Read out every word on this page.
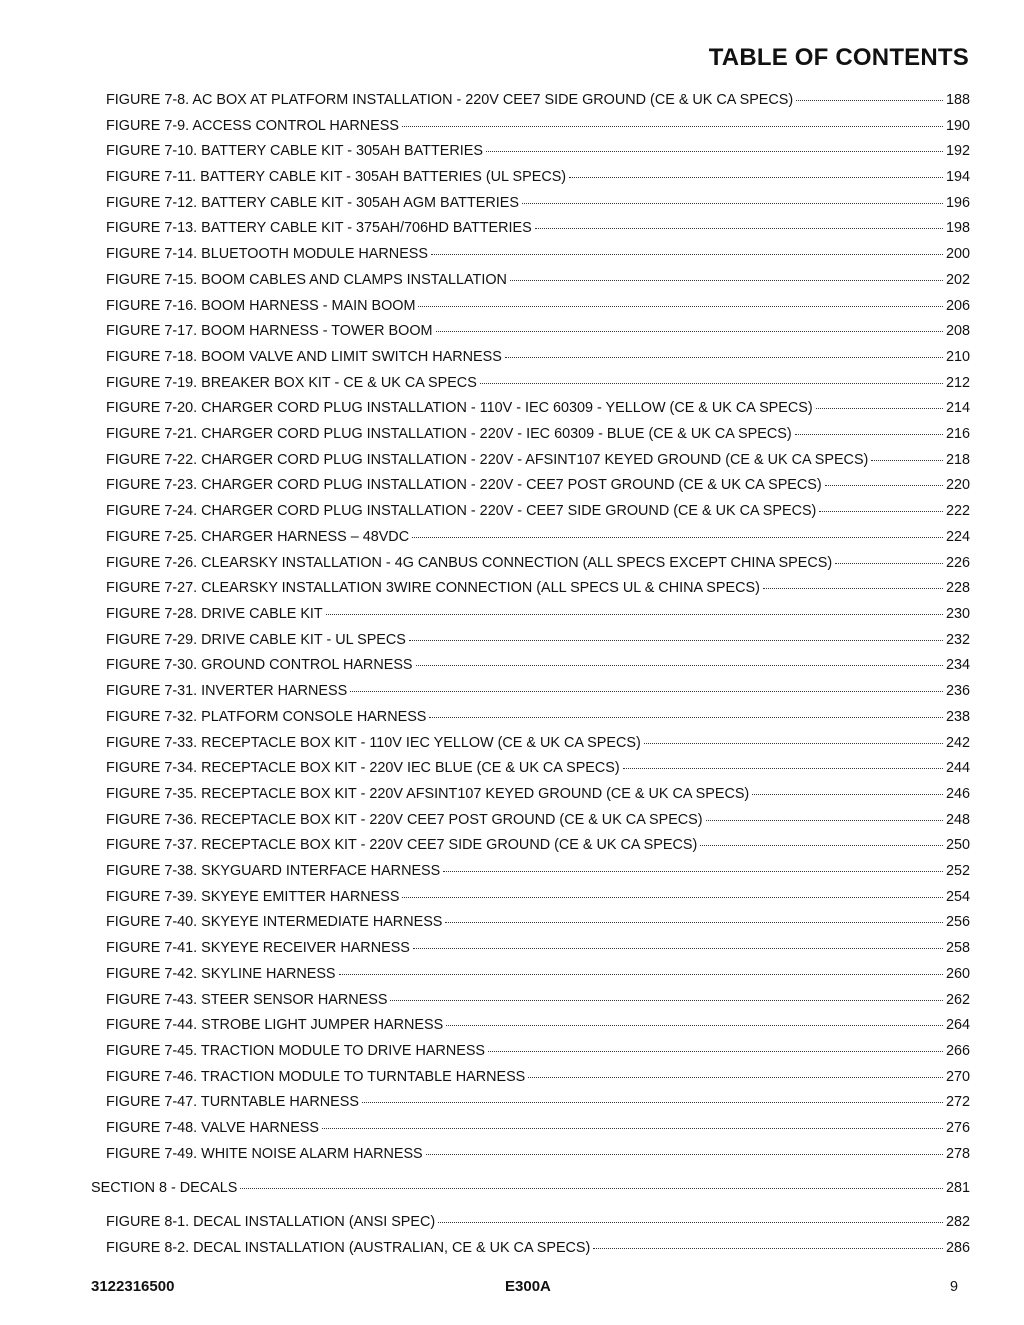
TABLE OF CONTENTS
FIGURE 7-8. AC BOX AT PLATFORM INSTALLATION - 220V CEE7 SIDE GROUND (CE & UK CA SPECS)	188
FIGURE 7-9. ACCESS CONTROL HARNESS	190
FIGURE 7-10. BATTERY CABLE KIT - 305AH BATTERIES	192
FIGURE 7-11. BATTERY CABLE KIT - 305AH BATTERIES (UL SPECS)	194
FIGURE 7-12. BATTERY CABLE KIT - 305AH AGM BATTERIES	196
FIGURE 7-13. BATTERY CABLE KIT - 375AH/706HD BATTERIES	198
FIGURE 7-14. BLUETOOTH MODULE HARNESS	200
FIGURE 7-15. BOOM CABLES AND CLAMPS INSTALLATION	202
FIGURE 7-16. BOOM HARNESS - MAIN BOOM	206
FIGURE 7-17. BOOM HARNESS - TOWER BOOM	208
FIGURE 7-18. BOOM VALVE AND LIMIT SWITCH HARNESS	210
FIGURE 7-19. BREAKER BOX KIT - CE & UK CA SPECS	212
FIGURE 7-20. CHARGER CORD PLUG INSTALLATION - 110V - IEC 60309 - YELLOW (CE & UK CA SPECS)	214
FIGURE 7-21. CHARGER CORD PLUG INSTALLATION - 220V - IEC 60309 - BLUE (CE & UK CA SPECS)	216
FIGURE 7-22. CHARGER CORD PLUG INSTALLATION - 220V - AFSINT107 KEYED GROUND (CE & UK CA SPECS)	218
FIGURE 7-23. CHARGER CORD PLUG INSTALLATION - 220V - CEE7 POST GROUND (CE & UK CA SPECS)	220
FIGURE 7-24. CHARGER CORD PLUG INSTALLATION - 220V - CEE7 SIDE GROUND (CE & UK CA SPECS)	222
FIGURE 7-25. CHARGER HARNESS – 48VDC	224
FIGURE 7-26. CLEARSKY INSTALLATION - 4G CANBUS CONNECTION (ALL SPECS EXCEPT CHINA SPECS)	226
FIGURE 7-27. CLEARSKY INSTALLATION 3WIRE CONNECTION (ALL SPECS UL & CHINA SPECS)	228
FIGURE 7-28. DRIVE CABLE KIT	230
FIGURE 7-29. DRIVE CABLE KIT - UL SPECS	232
FIGURE 7-30. GROUND CONTROL HARNESS	234
FIGURE 7-31. INVERTER HARNESS	236
FIGURE 7-32. PLATFORM CONSOLE HARNESS	238
FIGURE 7-33. RECEPTACLE BOX KIT - 110V IEC YELLOW (CE & UK CA SPECS)	242
FIGURE 7-34. RECEPTACLE BOX KIT - 220V IEC BLUE (CE & UK CA SPECS)	244
FIGURE 7-35. RECEPTACLE BOX KIT - 220V AFSINT107 KEYED GROUND (CE & UK CA SPECS)	246
FIGURE 7-36. RECEPTACLE BOX KIT - 220V CEE7 POST GROUND (CE & UK CA SPECS)	248
FIGURE 7-37. RECEPTACLE BOX KIT - 220V CEE7 SIDE GROUND (CE & UK CA SPECS)	250
FIGURE 7-38. SKYGUARD INTERFACE HARNESS	252
FIGURE 7-39. SKYEYE EMITTER HARNESS	254
FIGURE 7-40. SKYEYE INTERMEDIATE HARNESS	256
FIGURE 7-41. SKYEYE RECEIVER HARNESS	258
FIGURE 7-42. SKYLINE HARNESS	260
FIGURE 7-43. STEER SENSOR HARNESS	262
FIGURE 7-44. STROBE LIGHT JUMPER HARNESS	264
FIGURE 7-45. TRACTION MODULE TO DRIVE HARNESS	266
FIGURE 7-46. TRACTION MODULE TO TURNTABLE HARNESS	270
FIGURE 7-47. TURNTABLE HARNESS	272
FIGURE 7-48. VALVE HARNESS	276
FIGURE 7-49. WHITE NOISE ALARM HARNESS	278
SECTION 8 - DECALS	281
FIGURE 8-1. DECAL INSTALLATION (ANSI SPEC)	282
FIGURE 8-2. DECAL INSTALLATION (AUSTRALIAN, CE & UK CA SPECS)	286
3122316500	E300A	9
